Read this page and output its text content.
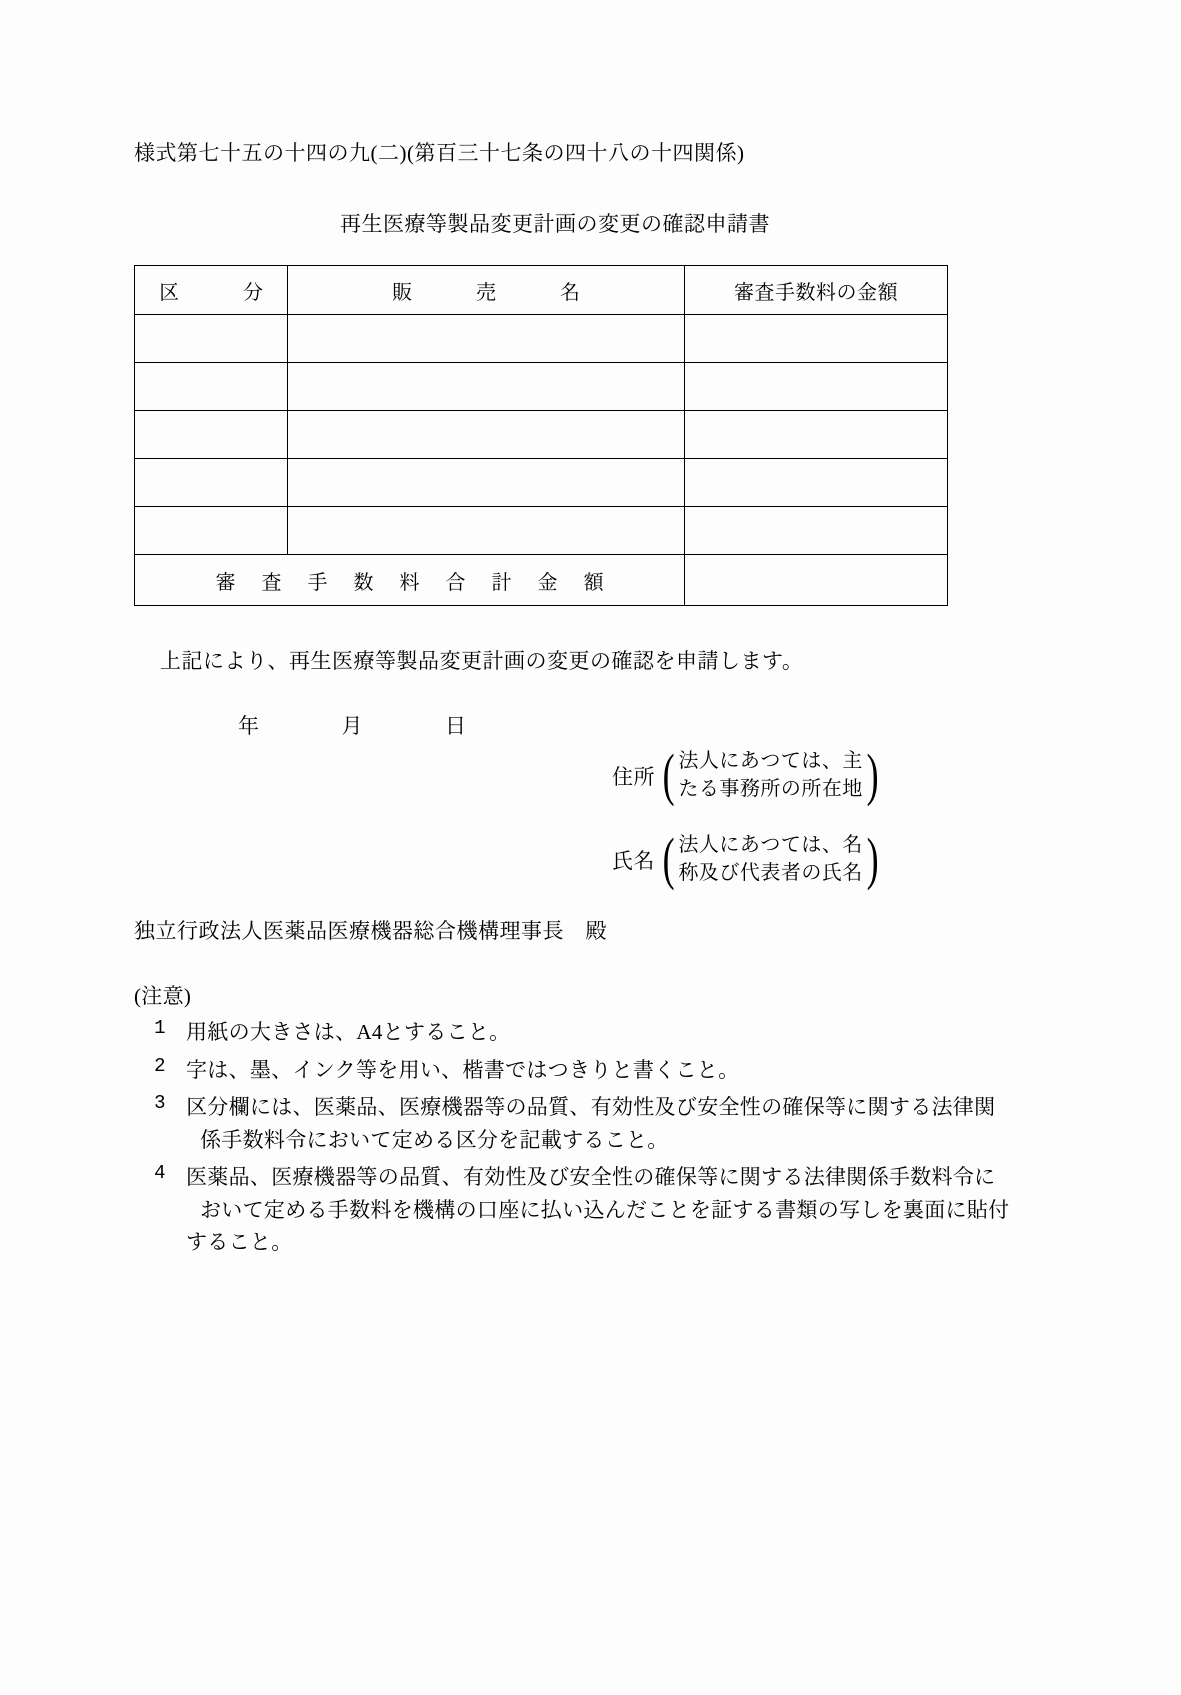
様式第七十五の十四の九(二)(第百三十七条の四十八の十四関係)
再生医療等製品変更計画の変更の確認申請書
区　分	販　売　名	審査手数料の金額

審査手数料合計金額		
上記により、再生医療等製品変更計画の変更の確認を申請します。
年	月	日
住所 ( 法人にあつては、主
たる事務所の所在地 )
氏名 ( 法人にあつては、名
称及び代表者の氏名 )
独立行政法人医薬品医療機器総合機構理事長　殿
(注意)
1 用紙の大きさは、A4とすること。
2 字は、墨、インク等を用い、楷書ではつきりと書くこと。
3 区分欄には、医薬品、医療機器等の品質、有効性及び安全性の確保等に関する法律関
係手数料令において定める区分を記載すること。
4 医薬品、医療機器等の品質、有効性及び安全性の確保等に関する法律関係手数料令に
おいて定める手数料を機構の口座に払い込んだことを証する書類の写しを裏面に貼付 すること。
